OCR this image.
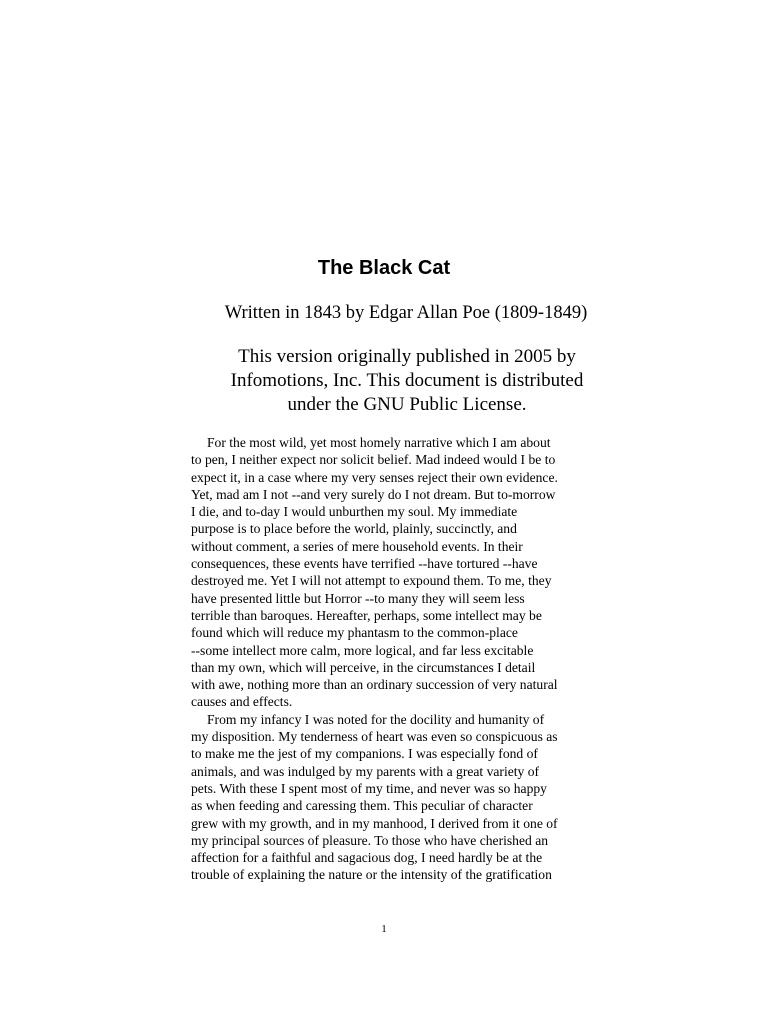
The Black Cat

Written in 1843 by Edgar Allan Poe (1809-1849)

This version originally published in 2005 by
Infomotions, Inc. This document is distributed
under the GNU Public License.

For the most wild, yet most homely narrative which I am about
to pen, I neither expect nor solicit belief. Mad indeed would I be to
expect it, in a case where my very senses reject their own evidence.
Yet, mad am I not --and very surely do I not dream. But to-morrow
I die, and to-day I would unburthen my soul. My immediate
purpose is to place before the world, plainly, succinctly, and
without comment, a series of mere household events. In their
consequences, these events have terrified --have tortured --have
destroyed me. Yet I will not attempt to expound them. To me, they
have presented little but Horror --to many they will seem less
terrible than baroques. Hereafter, perhaps, some intellect may be
found which will reduce my phantasm to the common-place
--some intellect more calm, more logical, and far less excitable
than my own, which will perceive, in the circumstances I detail
with awe, nothing more than an ordinary succession of very natural
causes and effects.
From my infancy I was noted for the docility and humanity of
my disposition. My tenderness of heart was even so conspicuous as
to make me the jest of my companions. I was especially fond of
animals, and was indulged by my parents with a great variety of
pets. With these I spent most of my time, and never was so happy
as when feeding and caressing them. This peculiar of character
grew with my growth, and in my manhood, I derived from it one of
my principal sources of pleasure. To those who have cherished an
affection for a faithful and sagacious dog, I need hardly be at the
trouble of explaining the nature or the intensity of the gratification

1
